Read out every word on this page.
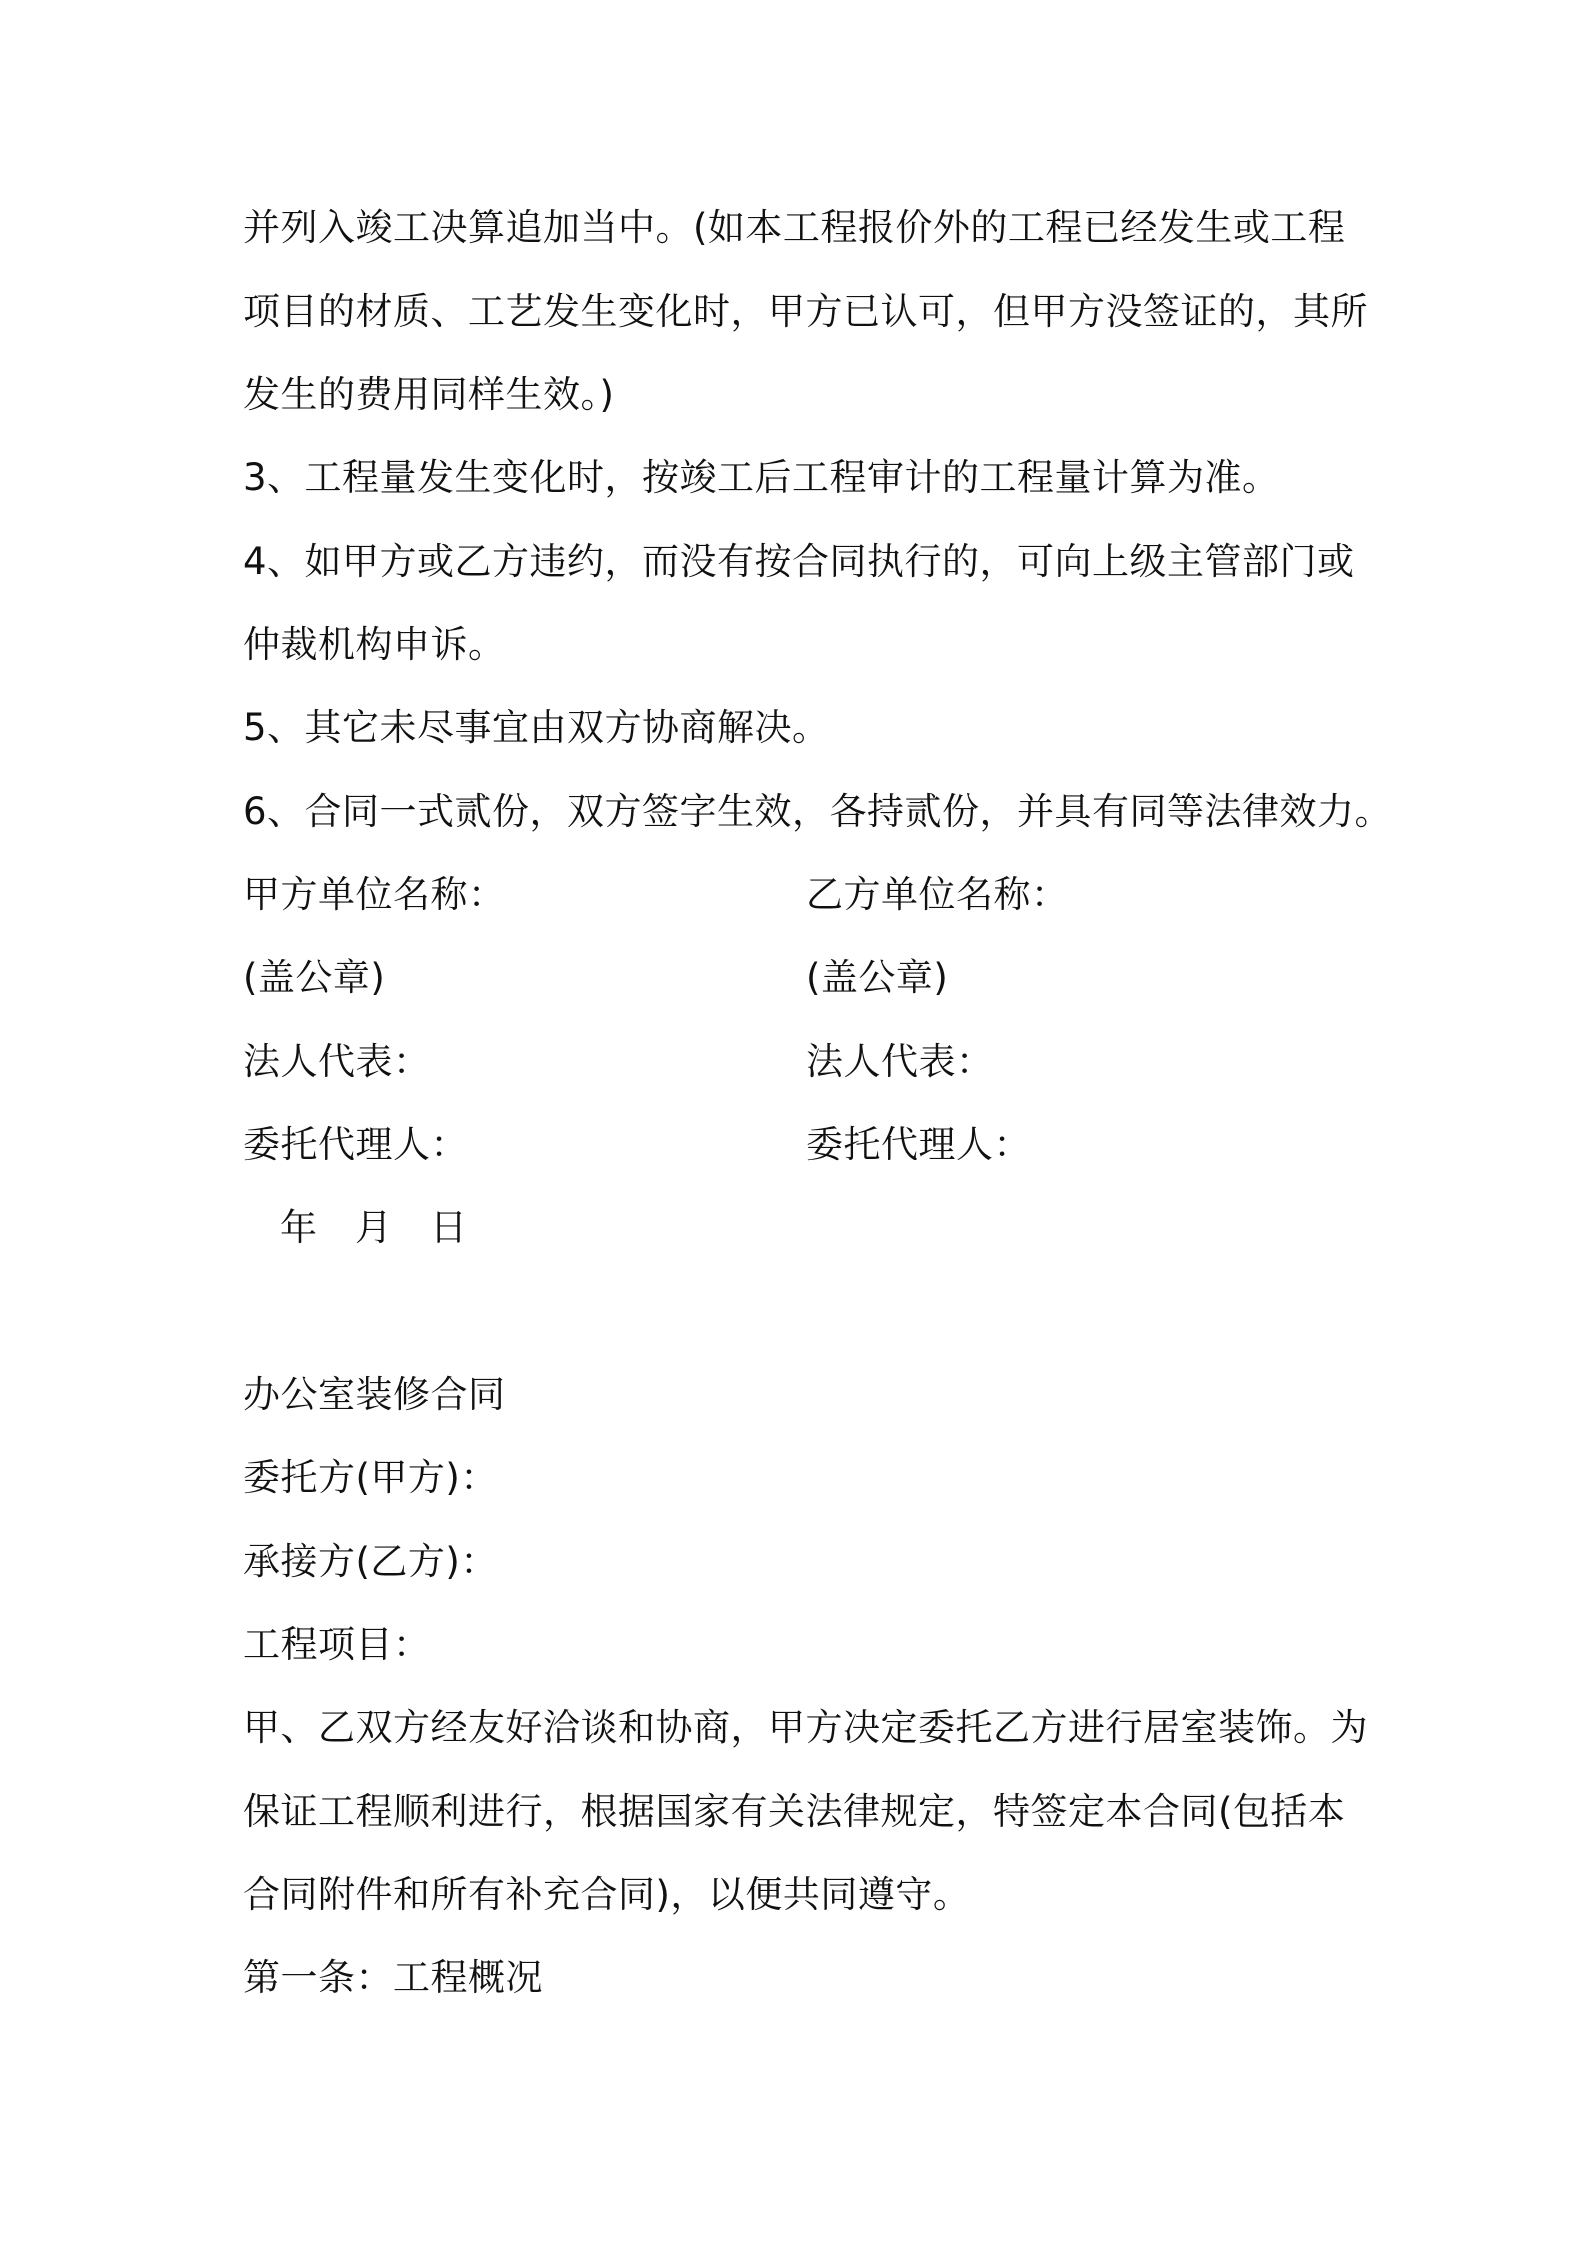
并列入竣工决算追加当中。(如本工程报价外的工程已经发生或工程
项目的材质、工艺发生变化时，甲方已认可，但甲方没签证的，其所
发生的费用同样生效。)
3、工程量发生变化时，按竣工后工程审计的工程量计算为准。
4、如甲方或乙方违约，而没有按合同执行的，可向上级主管部门或
仲裁机构申诉。
5、其它未尽事宜由双方协商解决。
6、合同一式贰份，双方签字生效，各持贰份，并具有同等法律效力。
甲方单位名称：	乙方单位名称：
(盖公章)	(盖公章)
法人代表：	法人代表：
委托代理人：	委托代理人：
年　月　日
办公室装修合同
委托方(甲方)：
承接方(乙方)：
工程项目：
甲、乙双方经友好洽谈和协商，甲方决定委托乙方进行居室装饰。为
保证工程顺利进行，根据国家有关法律规定，特签定本合同(包括本
合同附件和所有补充合同)，以便共同遵守。
第一条：工程概况
